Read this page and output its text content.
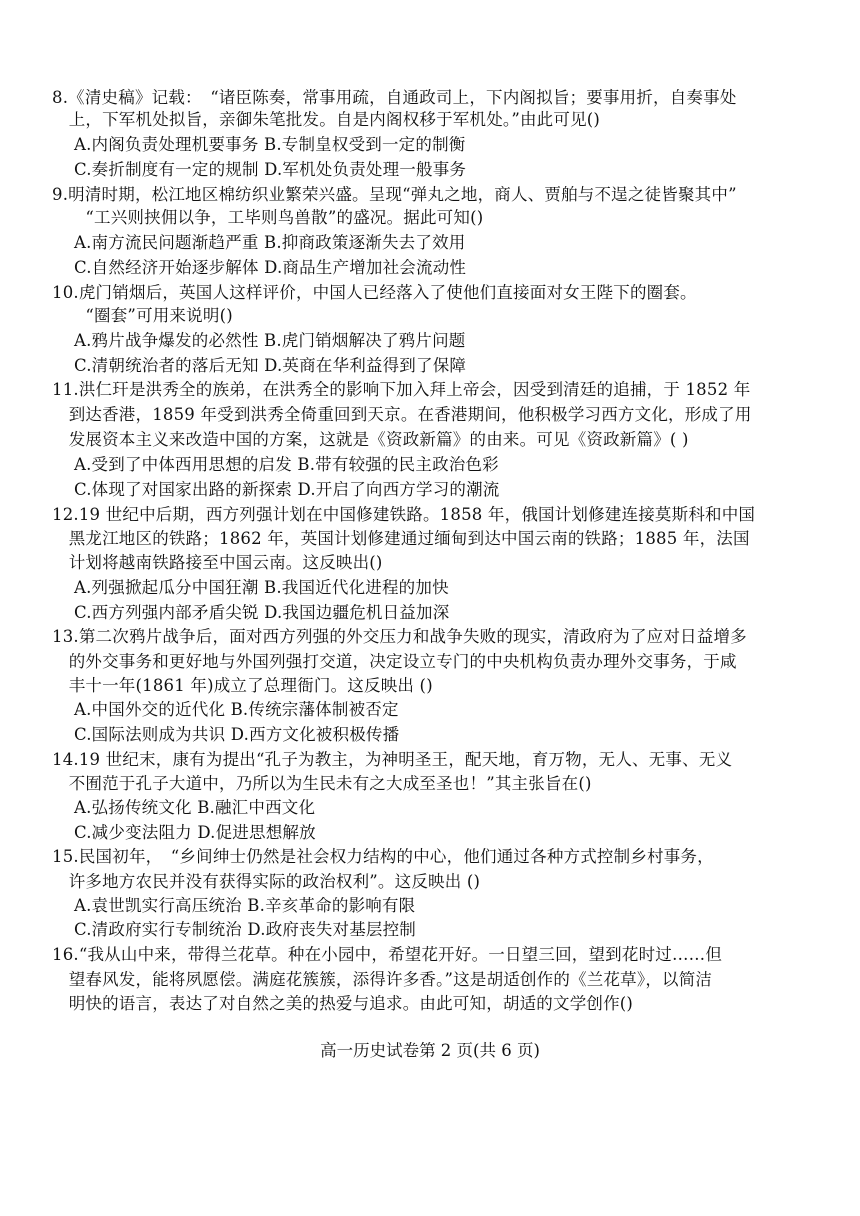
8.《清史稿》记载：　“诸臣陈奏，常事用疏，自通政司上，下内阁拟旨；要事用折，自奏事处
　上，下军机处拟旨，亲御朱笔批发。自是内阁权移于军机处。”由此可见()
A.内阁负责处理机要事务 B.专制皇权受到一定的制衡
C.奏折制度有一定的规制 D.军机处负责处理一般事务
9.明清时期，松江地区棉纺织业繁荣兴盛。呈现“弹丸之地，商人、贾舶与不逞之徒皆聚其中”
　　“工兴则挟佣以争，工毕则鸟兽散”的盛况。据此可知()
A.南方流民问题渐趋严重 B.抑商政策逐渐失去了效用
C.自然经济开始逐步解体 D.商品生产增加社会流动性
10.虎门销烟后，英国人这样评价，中国人已经落入了使他们直接面对女王陛下的圈套。
　　“圈套”可用来说明()
A.鸦片战争爆发的必然性 B.虎门销烟解决了鸦片问题
C.清朝统治者的落后无知 D.英商在华利益得到了保障
11.洪仁玕是洪秀全的族弟，在洪秀全的影响下加入拜上帝会，因受到清廷的追捕，于 1852 年
　到达香港，1859 年受到洪秀全倚重回到天京。在香港期间，他积极学习西方文化，形成了用
　发展资本主义来改造中国的方案，这就是《资政新篇》的由来。可见《资政新篇》( )
A.受到了中体西用思想的启发 B.带有较强的民主政治色彩
C.体现了对国家出路的新探索 D.开启了向西方学习的潮流
12.19 世纪中后期，西方列强计划在中国修建铁路。1858 年，俄国计划修建连接莫斯科和中国
　黑龙江地区的铁路；1862 年，英国计划修建通过缅甸到达中国云南的铁路；1885 年，法国
　计划将越南铁路接至中国云南。这反映出()
A.列强掀起瓜分中国狂潮 B.我国近代化进程的加快
C.西方列强内部矛盾尖锐 D.我国边疆危机日益加深
13.第二次鸦片战争后，面对西方列强的外交压力和战争失败的现实，清政府为了应对日益增多
　的外交事务和更好地与外国列强打交道，决定设立专门的中央机构负责办理外交事务，于咸
　丰十一年(1861 年)成立了总理衙门。这反映出 ()
A.中国外交的近代化 B.传统宗藩体制被否定
C.国际法则成为共识 D.西方文化被积极传播
14.19 世纪末，康有为提出“孔子为教主，为神明圣王，配天地，育万物，无人、无事、无义
　不囿范于孔子大道中，乃所以为生民未有之大成至圣也！”其主张旨在()
A.弘扬传统文化 B.融汇中西文化
C.减少变法阻力 D.促进思想解放
15.民国初年，　“乡间绅士仍然是社会权力结构的中心，他们通过各种方式控制乡村事务，
　许多地方农民并没有获得实际的政治权利”。这反映出 ()
A.袁世凯实行高压统治 B.辛亥革命的影响有限
C.清政府实行专制统治 D.政府丧失对基层控制
16.“我从山中来，带得兰花草。种在小园中，希望花开好。一日望三回，望到花时过……但
　望春风发，能将夙愿偿。满庭花簇簇，添得许多香。”这是胡适创作的《兰花草》，以简洁
　明快的语言，表达了对自然之美的热爱与追求。由此可知，胡适的文学创作()
高一历史试卷第 2 页(共 6 页)
